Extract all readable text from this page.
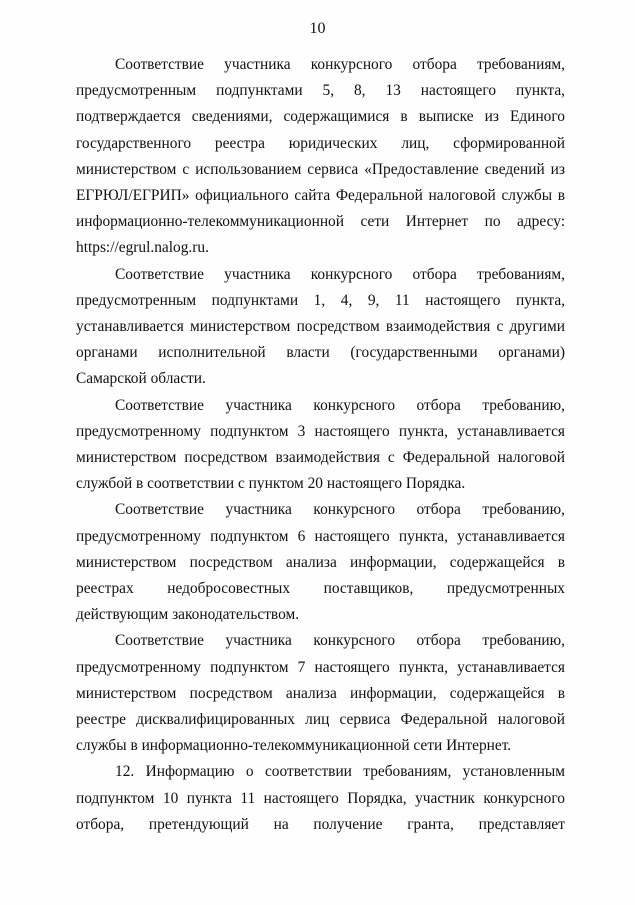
10

Соответствие участника конкурсного отбора требованиям, предусмотренным подпунктами 5, 8, 13 настоящего пункта, подтверждается сведениями, содержащимися в выписке из Единого государственного реестра юридических лиц, сформированной министерством с использованием сервиса «Предоставление сведений из ЕГРЮЛ/ЕГРИП» официального сайта Федеральной налоговой службы в информационно-телекоммуникационной сети Интернет по адресу: https://egrul.nalog.ru.

Соответствие участника конкурсного отбора требованиям, предусмотренным подпунктами 1, 4, 9, 11 настоящего пункта, устанавливается министерством посредством взаимодействия с другими органами исполнительной власти (государственными органами) Самарской области.

Соответствие участника конкурсного отбора требованию, предусмотренному подпунктом 3 настоящего пункта, устанавливается министерством посредством взаимодействия с Федеральной налоговой службой в соответствии с пунктом 20 настоящего Порядка.

Соответствие участника конкурсного отбора требованию, предусмотренному подпунктом 6 настоящего пункта, устанавливается министерством посредством анализа информации, содержащейся в реестрах недобросовестных поставщиков, предусмотренных действующим законодательством.

Соответствие участника конкурсного отбора требованию, предусмотренному подпунктом 7 настоящего пункта, устанавливается министерством посредством анализа информации, содержащейся в реестре дисквалифицированных лиц сервиса Федеральной налоговой службы в информационно-телекоммуникационной сети Интернет.

12. Информацию о соответствии требованиям, установленным подпунктом 10 пункта 11 настоящего Порядка, участник конкурсного отбора, претендующий на получение гранта, представляет
